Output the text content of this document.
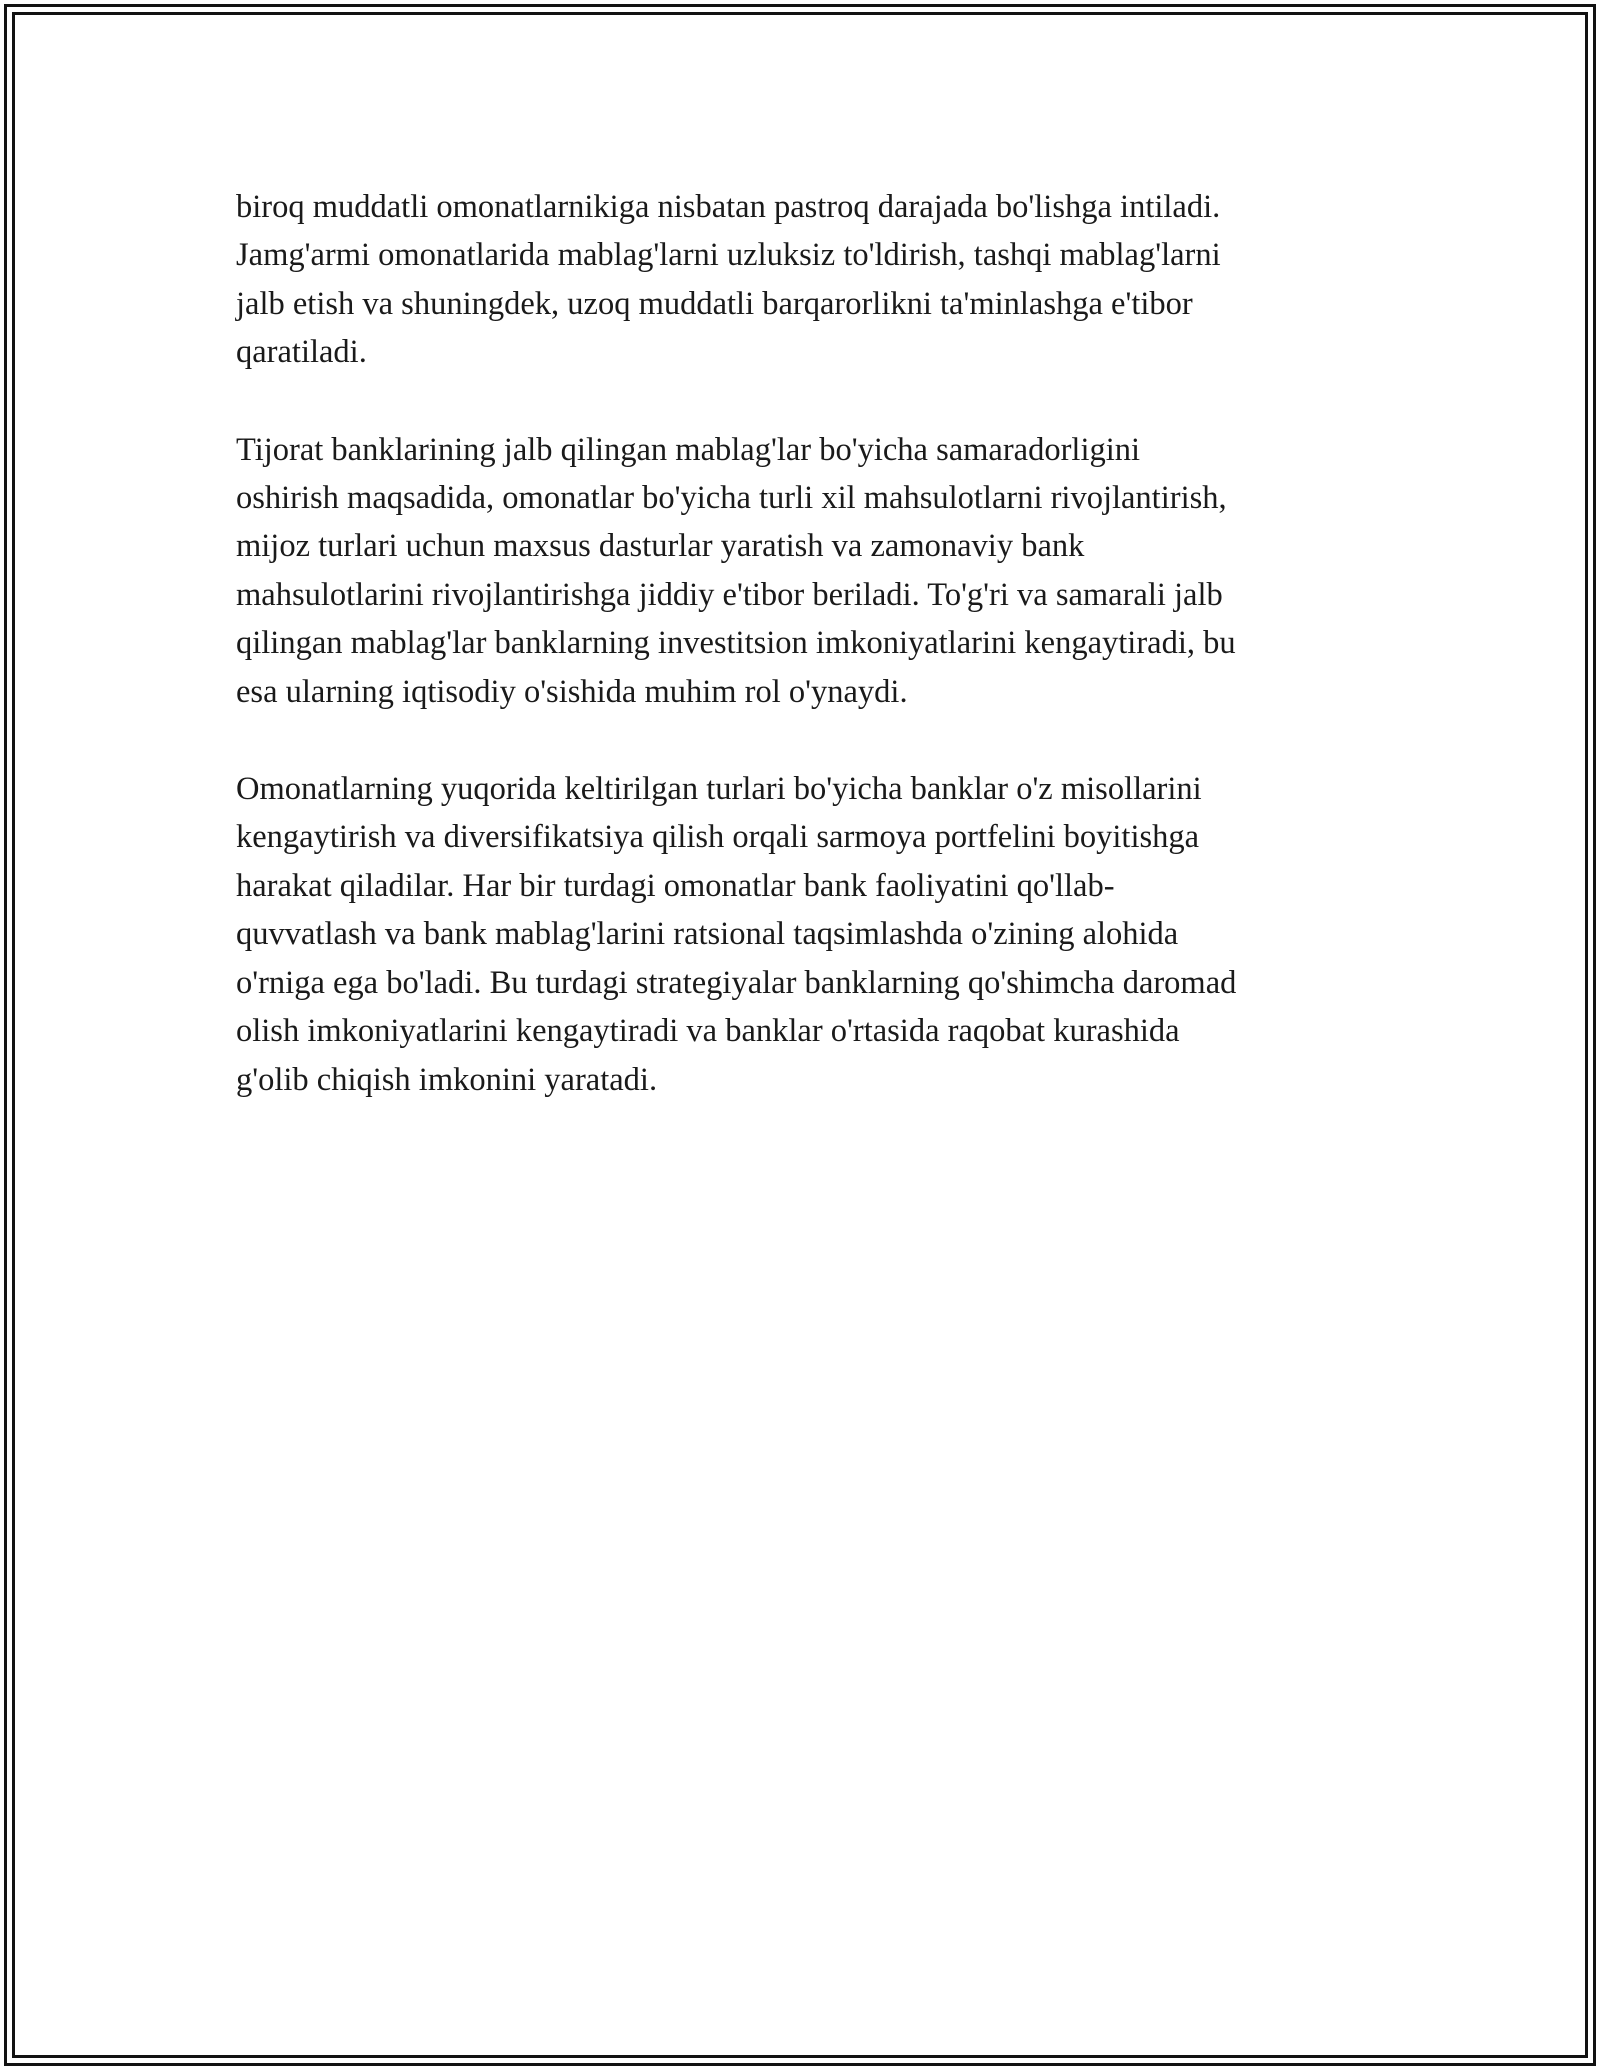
biroq muddatli omonatlarnikiga nisbatan pastroq darajada bo'lishga intiladi.
Jamg'armi omonatlarida mablag'larni uzluksiz to'ldirish, tashqi mablag'larni
jalb etish va shuningdek, uzoq muddatli barqarorlikni ta'minlashga e'tibor
qaratiladi.

Tijorat banklarining jalb qilingan mablag'lar bo'yicha samaradorligini
oshirish maqsadida, omonatlar bo'yicha turli xil mahsulotlarni rivojlantirish,
mijoz turlari uchun maxsus dasturlar yaratish va zamonaviy bank
mahsulotlarini rivojlantirishga jiddiy e'tibor beriladi. To'g'ri va samarali jalb
qilingan mablag'lar banklarning investitsion imkoniyatlarini kengaytiradi, bu
esa ularning iqtisodiy o'sishida muhim rol o'ynaydi.

Omonatlarning yuqorida keltirilgan turlari bo'yicha banklar o'z misollarini
kengaytirish va diversifikatsiya qilish orqali sarmoya portfelini boyitishga
harakat qiladilar. Har bir turdagi omonatlar bank faoliyatini qo'llab-
quvvatlash va bank mablag'larini ratsional taqsimlashda o'zining alohida
o'rniga ega bo'ladi. Bu turdagi strategiyalar banklarning qo'shimcha daromad
olish imkoniyatlarini kengaytiradi va banklar o'rtasida raqobat kurashida
g'olib chiqish imkonini yaratadi.
